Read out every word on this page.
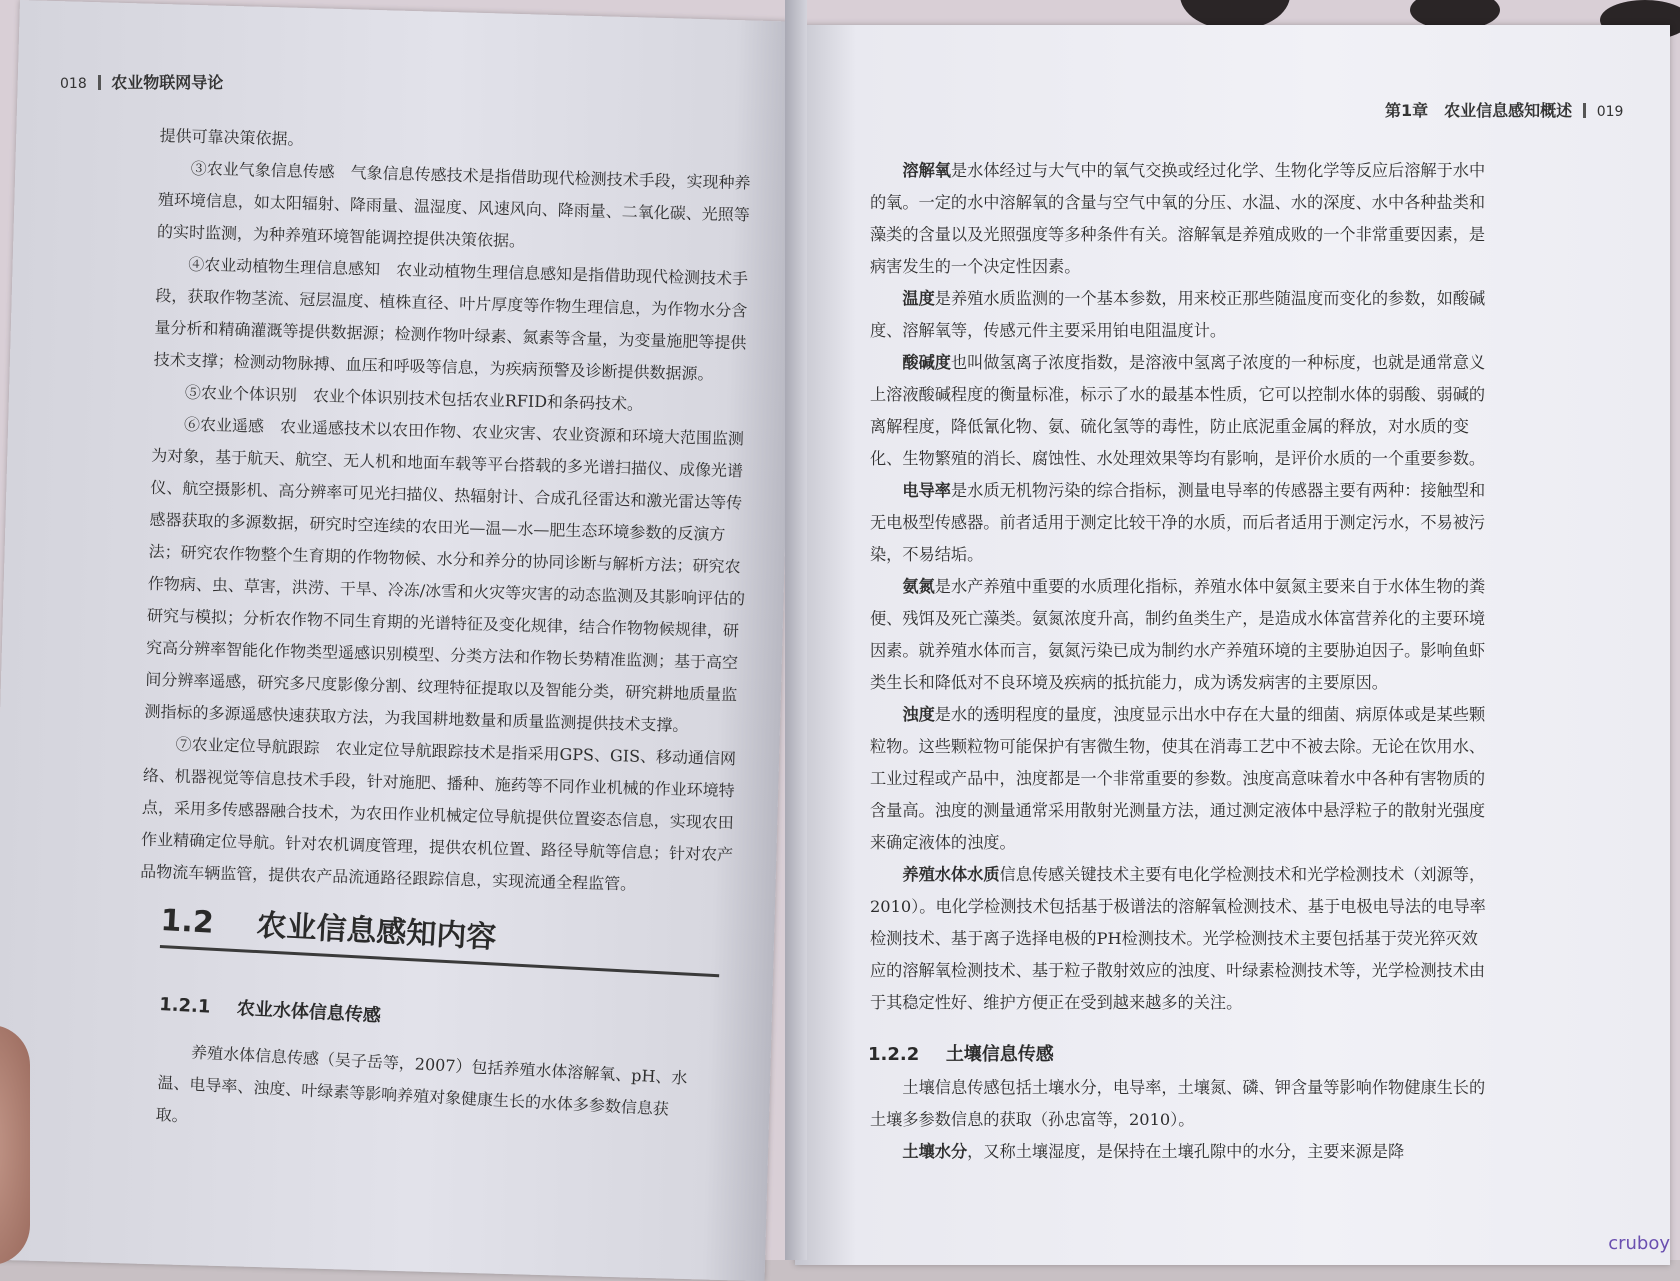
018 农业物联网导论

提供可靠决策依据。

③农业气象信息传感　气象信息传感技术是指借助现代检测技术手段，实现种养殖环境信息，如太阳辐射、降雨量、温湿度、风速风向、降雨量、二氧化碳、光照等的实时监测，为种养殖环境智能调控提供决策依据。

④农业动植物生理信息感知　农业动植物生理信息感知是指借助现代检测技术手段，获取作物茎流、冠层温度、植株直径、叶片厚度等作物生理信息，为作物水分含量分析和精确灌溉等提供数据源；检测作物叶绿素、氮素等含量，为变量施肥等提供技术支撑；检测动物脉搏、血压和呼吸等信息，为疾病预警及诊断提供数据源。

⑤农业个体识别　农业个体识别技术包括农业RFID和条码技术。

⑥农业遥感　农业遥感技术以农田作物、农业灾害、农业资源和环境大范围监测为对象，基于航天、航空、无人机和地面车载等平台搭载的多光谱扫描仪、成像光谱仪、航空摄影机、高分辨率可见光扫描仪、热辐射计、合成孔径雷达和激光雷达等传感器获取的多源数据，研究时空连续的农田光—温—水—肥生态环境参数的反演方法；研究农作物整个生育期的作物物候、水分和养分的协同诊断与解析方法；研究农作物病、虫、草害，洪涝、干旱、冷冻/冰雪和火灾等灾害的动态监测及其影响评估的研究与模拟；分析农作物不同生育期的光谱特征及变化规律，结合作物物候规律，研究高分辨率智能化作物类型遥感识别模型、分类方法和作物长势精准监测；基于高空间分辨率遥感，研究多尺度影像分割、纹理特征提取以及智能分类，研究耕地质量监测指标的多源遥感快速获取方法，为我国耕地数量和质量监测提供技术支撑。

⑦农业定位导航跟踪　农业定位导航跟踪技术是指采用GPS、GIS、移动通信网络、机器视觉等信息技术手段，针对施肥、播种、施药等不同作业机械的作业环境特点，采用多传感器融合技术，为农田作业机械定位导航提供位置姿态信息，实现农田作业精确定位导航。针对农机调度管理，提供农机位置、路径导航等信息；针对农产品物流车辆监管，提供农产品流通路径跟踪信息，实现流通全程监管。

1.2 农业信息感知内容
1.2.1 农业水体信息传感
养殖水体信息传感（吴子岳等，2007）包括养殖水体溶解氧、pH、水温、电导率、浊度、叶绿素等影响养殖对象健康生长的水体多参数信息获取。
第1章　农业信息感知概述 019

溶解氧是水体经过与大气中的氧气交换或经过化学、生物化学等反应后溶解于水中的氧。一定的水中溶解氧的含量与空气中氧的分压、水温、水的深度、水中各种盐类和藻类的含量以及光照强度等多种条件有关。溶解氧是养殖成败的一个非常重要因素，是病害发生的一个决定性因素。

温度是养殖水质监测的一个基本参数，用来校正那些随温度而变化的参数，如酸碱度、溶解氧等，传感元件主要采用铂电阻温度计。

酸碱度也叫做氢离子浓度指数，是溶液中氢离子浓度的一种标度，也就是通常意义上溶液酸碱程度的衡量标准，标示了水的最基本性质，它可以控制水体的弱酸、弱碱的离解程度，降低氰化物、氨、硫化氢等的毒性，防止底泥重金属的释放，对水质的变化、生物繁殖的消长、腐蚀性、水处理效果等均有影响，是评价水质的一个重要参数。

电导率是水质无机物污染的综合指标，测量电导率的传感器主要有两种：接触型和无电极型传感器。前者适用于测定比较干净的水质，而后者适用于测定污水，不易被污染，不易结垢。

氨氮是水产养殖中重要的水质理化指标，养殖水体中氨氮主要来自于水体生物的粪便、残饵及死亡藻类。氨氮浓度升高，制约鱼类生产，是造成水体富营养化的主要环境因素。就养殖水体而言，氨氮污染已成为制约水产养殖环境的主要胁迫因子。影响鱼虾类生长和降低对不良环境及疾病的抵抗能力，成为诱发病害的主要原因。

浊度是水的透明程度的量度，浊度显示出水中存在大量的细菌、病原体或是某些颗粒物。这些颗粒物可能保护有害微生物，使其在消毒工艺中不被去除。无论在饮用水、工业过程或产品中，浊度都是一个非常重要的参数。浊度高意味着水中各种有害物质的含量高。浊度的测量通常采用散射光测量方法，通过测定液体中悬浮粒子的散射光强度来确定液体的浊度。

养殖水体水质信息传感关键技术主要有电化学检测技术和光学检测技术（刘源等，2010）。电化学检测技术包括基于极谱法的溶解氧检测技术、基于电极电导法的电导率检测技术、基于离子选择电极的PH检测技术。光学检测技术主要包括基于荧光猝灭效应的溶解氧检测技术、基于粒子散射效应的浊度、叶绿素检测技术等，光学检测技术由于其稳定性好、维护方便正在受到越来越多的关注。

1.2.2 土壤信息传感

土壤信息传感包括土壤水分，电导率，土壤氮、磷、钾含量等影响作物健康生长的土壤多参数信息的获取（孙忠富等，2010）。

土壤水分，又称土壤湿度，是保持在土壤孔隙中的水分，主要来源是降

cruboy
